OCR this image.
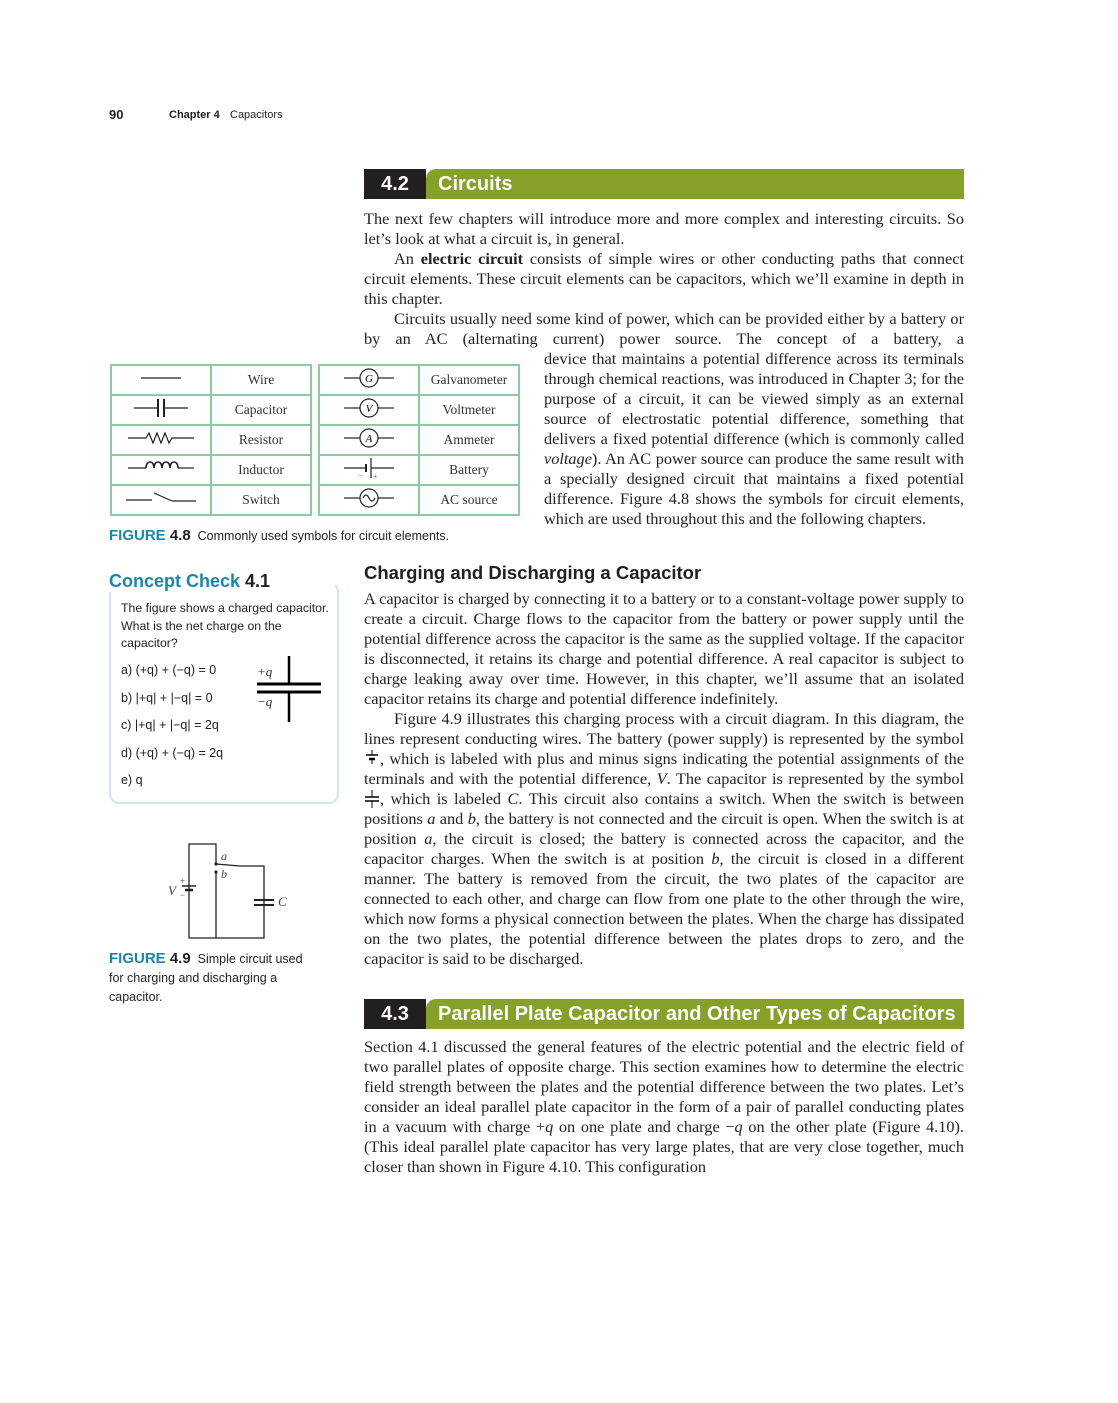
90	Chapter 4 Capacitors
4.2	Circuits

The next few chapters will introduce more and more complex and interesting circuits. So let’s look at what a circuit is, in general.

An electric circuit consists of simple wires or other conducting paths that connect circuit elements. These circuit elements can be capacitors, which we’ll examine in depth in this chapter.

Circuits usually need some kind of power, which can be provided either by a battery or by an AC (alternating current) power source. The concept of a battery, a

device that maintains a potential difference across its terminals through chemical reactions, was introduced in Chapter 3; for the purpose of a circuit, it can be viewed simply as an external source of electrostatic potential difference, something that delivers a fixed potential difference (which is commonly called voltage). An AC power source can produce the same result with a specially designed circuit that maintains a fixed potential difference. Figure 4.8 shows the symbols for circuit elements, which are used throughout this and the following chapters.

	Wire
	Capacitor
	Resistor
	Inductor
	Switch
G	Galvanometer

V	Voltmeter

A	Ammeter

− +	Battery
	AC source
FIGURE 4.8 Commonly used symbols for circuit elements.
Charging and Discharging a Capacitor

A capacitor is charged by connecting it to a battery or to a constant-voltage power supply to create a circuit. Charge flows to the capacitor from the battery or power supply until the potential difference across the capacitor is the same as the supplied voltage. If the capacitor is disconnected, it retains its charge and potential difference. A real capacitor is subject to charge leaking away over time. However, in this chapter, we’ll assume that an isolated capacitor retains its charge and potential difference indefinitely.

Figure 4.9 illustrates this charging process with a circuit diagram. In this diagram, the lines represent conducting wires. The battery (power supply) is represented by the symbol , which is labeled with plus and minus signs indicating the potential assignments of the terminals and with the potential difference, V. The capacitor is represented by the symbol , which is labeled C. This circuit also contains a switch. When the switch is between positions a and b, the battery is not connected and the circuit is open. When the switch is at position a, the circuit is closed; the battery is connected across the capacitor, and the capacitor charges. When the switch is at position b, the circuit is closed in a different manner. The battery is removed from the circuit, the two plates of the capacitor are connected to each other, and charge can flow from one plate to the other through the wire, which now forms a physical connection between the plates. When the charge has dissipated on the two plates, the potential difference between the plates drops to zero, and the capacitor is said to be discharged.

Concept Check 4.1
The figure shows a charged capacitor. What is the net charge on the capacitor?
a) (+q) + (−q) = 0
b) |+q| + |−q| = 0
c) |+q| + |−q| = 2q
d) (+q) + (−q) = 2q
e) q
+q
−q
a
b
V
+
−	C
FIGURE 4.9 Simple circuit used for charging and discharging a capacitor.
4.3	Parallel Plate Capacitor and Other Types of Capacitors

Section 4.1 discussed the general features of the electric potential and the electric field of two parallel plates of opposite charge. This section examines how to determine the electric field strength between the plates and the potential difference between the two plates. Let’s consider an ideal parallel plate capacitor in the form of a pair of parallel conducting plates in a vacuum with charge +q on one plate and charge −q on the other plate (Figure 4.10). (This ideal parallel plate capacitor has very large plates, that are very close together, much closer than shown in Figure 4.10. This configuration
